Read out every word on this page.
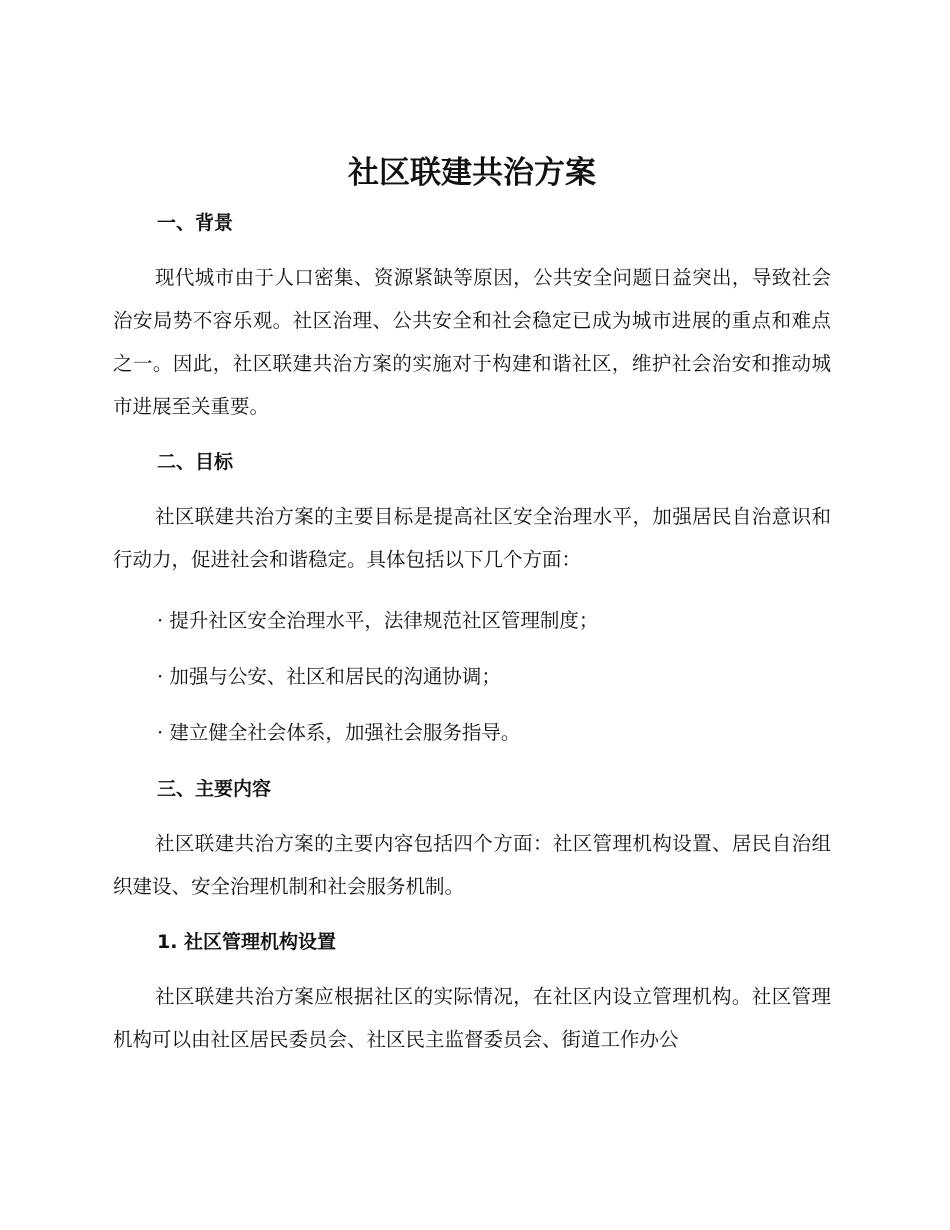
社区联建共治方案
一、背景

现代城市由于人口密集、资源紧缺等原因，公共安全问题日益突出，导致社会治安局势不容乐观。社区治理、公共安全和社会稳定已成为城市进展的重点和难点之一。因此，社区联建共治方案的实施对于构建和谐社区，维护社会治安和推动城市进展至关重要。

二、目标

社区联建共治方案的主要目标是提高社区安全治理水平，加强居民自治意识和行动力，促进社会和谐稳定。具体包括以下几个方面：

· 提升社区安全治理水平，法律规范社区管理制度；

· 加强与公安、社区和居民的沟通协调；

· 建立健全社会体系，加强社会服务指导。

三、主要内容

社区联建共治方案的主要内容包括四个方面：社区管理机构设置、居民自治组织建设、安全治理机制和社会服务机制。

1. 社区管理机构设置

社区联建共治方案应根据社区的实际情况，在社区内设立管理机构。社区管理机构可以由社区居民委员会、社区民主监督委员会、街道工作办公
